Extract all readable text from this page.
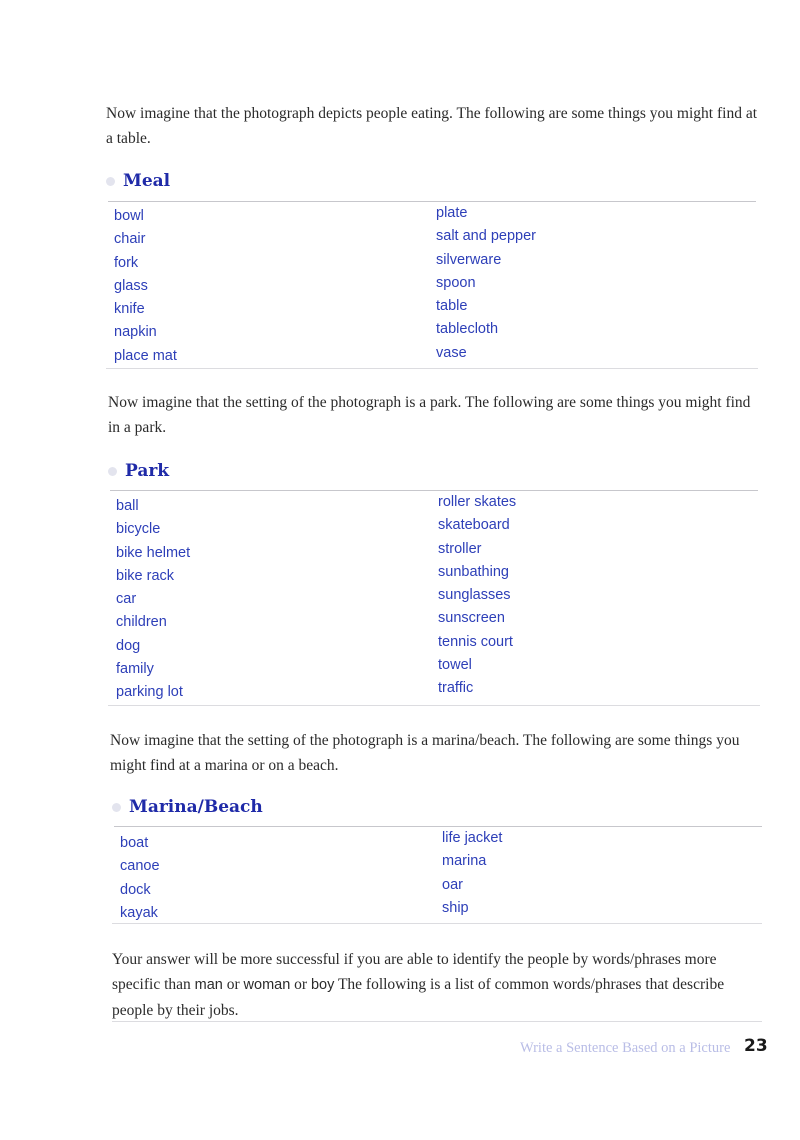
Now imagine that the photograph depicts people eating. The following are some things you might find at a table.

Meal
bowl
chair
fork
glass
knife
napkin
place mat
plate
salt and pepper
silverware
spoon
table
tablecloth
vase

Now imagine that the setting of the photograph is a park. The following are some things you might find in a park.

Park
ball
bicycle
bike helmet
bike rack
car
children
dog
family
parking lot
roller skates
skateboard
stroller
sunbathing
sunglasses
sunscreen
tennis court
towel
traffic

Now imagine that the setting of the photograph is a marina/beach. The following are some things you might find at a marina or on a beach.

Marina/Beach
boat
canoe
dock
kayak
life jacket
marina
oar
ship

Your answer will be more successful if you are able to identify the people by words/phrases more specific than man or woman or boy The following is a list of common words/phrases that describe people by their jobs.

Write a Sentence Based on a Picture 23
